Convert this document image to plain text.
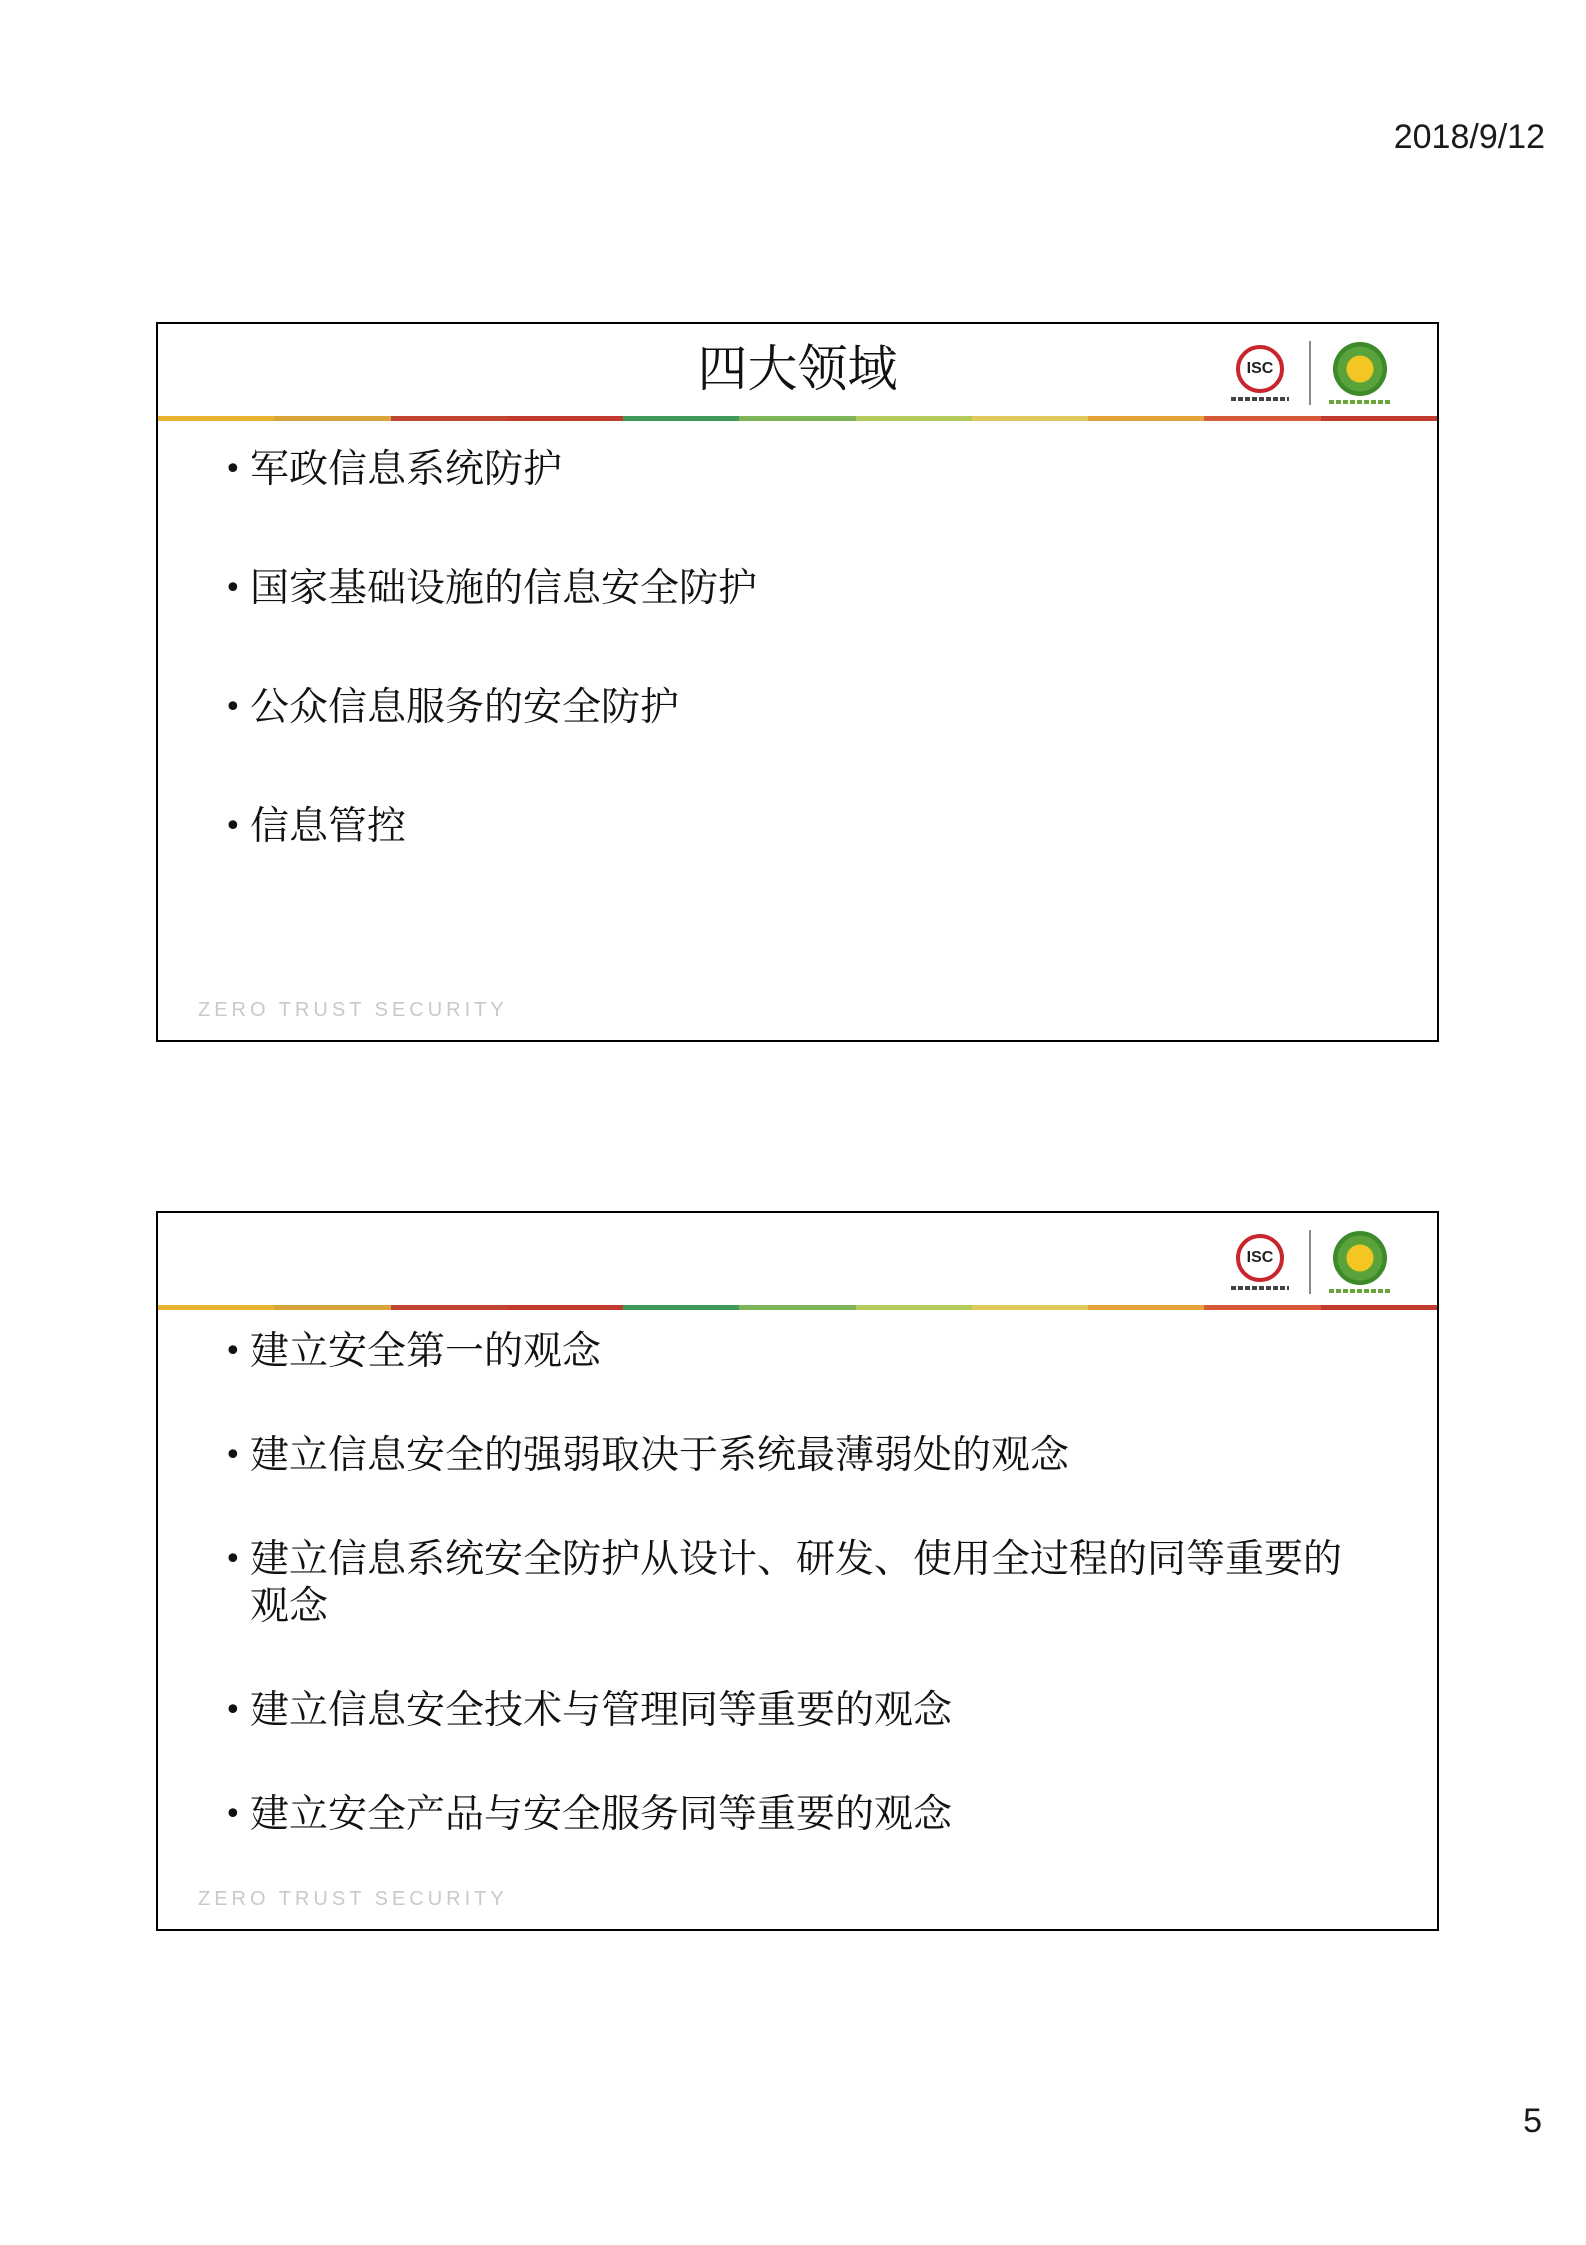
2018/9/12
四大领域	ISC
• 军政信息系统防护
• 国家基础设施的信息安全防护
• 公众信息服务的安全防护
• 信息管控
ZERO TRUST SECURITY
ISC
• 建立安全第一的观念
• 建立信息安全的强弱取决于系统最薄弱处的观念
• 建立信息系统安全防护从设计、研发、使用全过程的同等重要的观念
• 建立信息安全技术与管理同等重要的观念
• 建立安全产品与安全服务同等重要的观念
ZERO TRUST SECURITY
5
